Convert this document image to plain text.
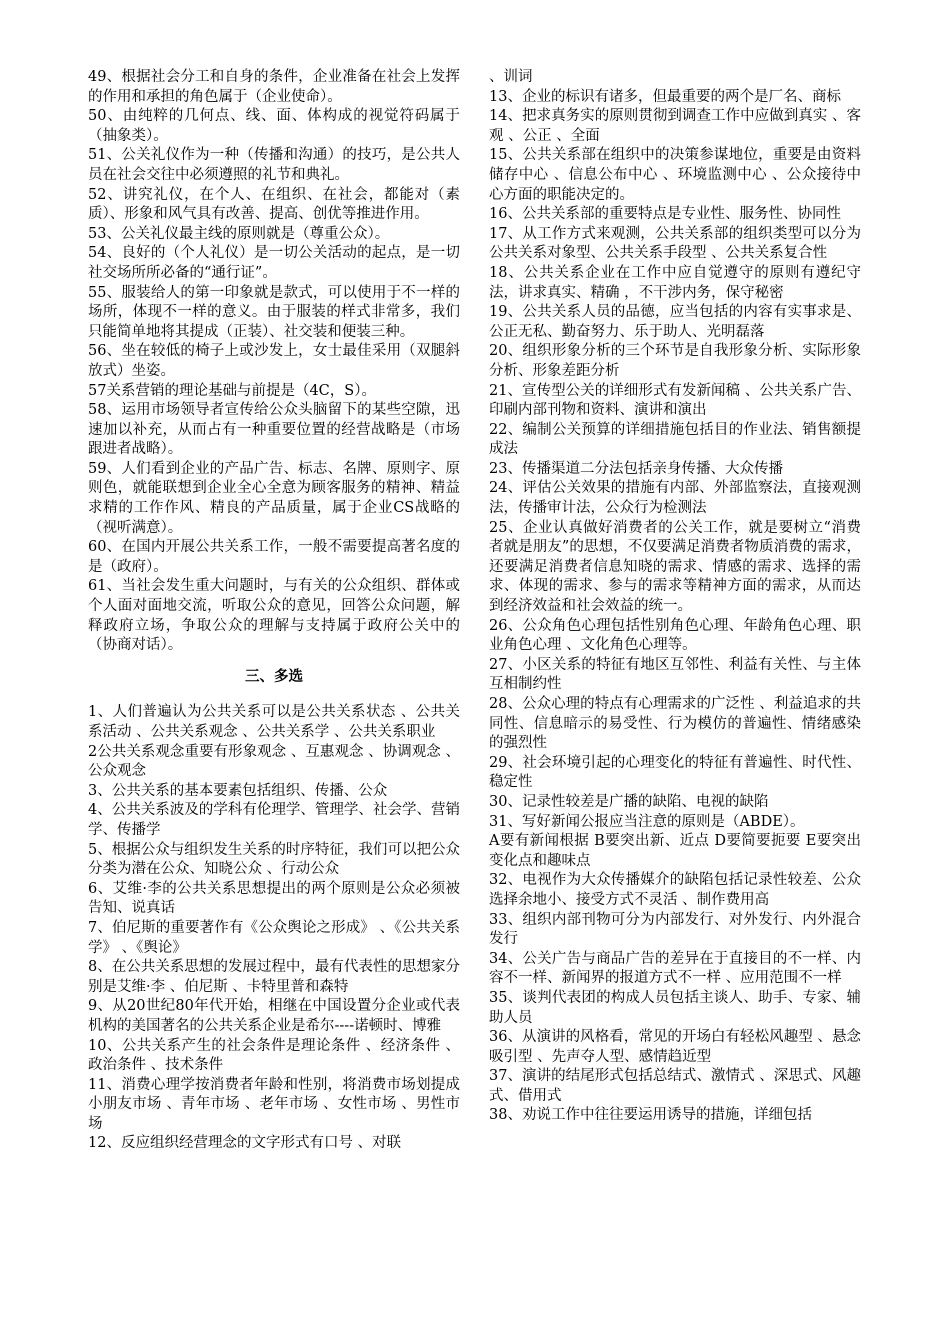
49、根据社会分工和自身的条件，企业准备在社会上发挥的作用和承担的角色属于（企业使命）。

50、由纯粹的几何点、线、面、体构成的视觉符码属于（抽象类）。

51、公关礼仪作为一种（传播和沟通）的技巧，是公共人员在社会交往中必须遵照的礼节和典礼。

52、讲究礼仪，在个人、在组织、在社会，都能对（素质）、形象和风气具有改善、提高、创优等推进作用。

53、公关礼仪最主线的原则就是（尊重公众）。

54、良好的（个人礼仪）是一切公关活动的起点，是一切社交场所所必备的“通行证”。

55、服装给人的第一印象就是款式，可以使用于不一样的场所，体现不一样的意义。由于服装的样式非常多，我们只能简单地将其提成（正装）、社交装和便装三种。

56、坐在较低的椅子上或沙发上，女士最佳采用（双腿斜放式）坐姿。

57关系营销的理论基础与前提是（4C，S）。

58、运用市场领导者宣传给公众头脑留下的某些空隙，迅速加以补充，从而占有一种重要位置的经营战略是（市场跟进者战略）。

59、人们看到企业的产品广告、标志、名牌、原则字、原则色，就能联想到企业全心全意为顾客服务的精神、精益求精的工作作风、精良的产品质量，属于企业CS战略的（视听满意）。

60、在国内开展公共关系工作，一般不需要提高著名度的是（政府）。

61、当社会发生重大问题时，与有关的公众组织、群体或个人面对面地交流，听取公众的意见，回答公众问题，解释政府立场，争取公众的理解与支持属于政府公关中的（协商对话）。

三、多选

1、人们普遍认为公共关系可以是公共关系状态 、公共关系活动 、公共关系观念 、公共关系学 、公共关系职业

2公共关系观念重要有形象观念 、互惠观念 、协调观念 、公众观念

3、公共关系的基本要素包括组织、传播、公众

4、公共关系波及的学科有伦理学、管理学、社会学、营销学、传播学

5、根据公众与组织发生关系的时序特征，我们可以把公众分类为潜在公众、知晓公众 、行动公众

6、艾维·李的公共关系思想提出的两个原则是公众必须被告知、说真话

7、伯尼斯的重要著作有《公众舆论之形成》 、《公共关系学》 、《舆论》

8、在公共关系思想的发展过程中，最有代表性的思想家分别是艾维·李 、伯尼斯 、卡特里普和森特

9、从20世纪80年代开始，相继在中国设置分企业或代表机构的美国著名的公共关系企业是希尔----诺顿时、博雅

10、公共关系产生的社会条件是理论条件 、经济条件 、政治条件 、技术条件

11、消费心理学按消费者年龄和性别，将消费市场划提成小朋友市场 、青年市场 、老年市场 、女性市场 、男性市场

12、反应组织经营理念的文字形式有口号 、对联

、训词

13、企业的标识有诸多，但最重要的两个是厂名、商标

14、把求真务实的原则贯彻到调查工作中应做到真实 、客观 、公正 、全面

15、公共关系部在组织中的决策参谋地位，重要是由资料储存中心 、信息公布中心 、环境监测中心 、公众接待中心方面的职能决定的。

16、公共关系部的重要特点是专业性、服务性、协同性

17、从工作方式来观测，公共关系部的组织类型可以分为公共关系对象型、公共关系手段型 、公共关系复合性

18、公共关系企业在工作中应自觉遵守的原则有遵纪守法，讲求真实、精确 ，不干涉内务，保守秘密

19、公共关系人员的品德，应当包括的内容有实事求是、公正无私、勤奋努力、乐于助人、光明磊落

20、组织形象分析的三个环节是自我形象分析、实际形象分析、形象差距分析

21、宣传型公关的详细形式有发新闻稿 、公共关系广告、印刷内部刊物和资料、演讲和演出

22、编制公关预算的详细措施包括目的作业法、销售额提成法

23、传播渠道二分法包括亲身传播、大众传播

24、评估公关效果的措施有内部、外部监察法，直接观测法，传播审计法，公众行为检测法

25、企业认真做好消费者的公关工作，就是要树立“消费者就是朋友”的思想，不仅要满足消费者物质消费的需求，还要满足消费者信息知晓的需求、情感的需求、选择的需求、体现的需求、参与的需求等精神方面的需求，从而达到经济效益和社会效益的统一。

26、公众角色心理包括性别角色心理、年龄角色心理、职业角色心理 、文化角色心理等。

27、小区关系的特征有地区互邻性、利益有关性、与主体互相制约性

28、公众心理的特点有心理需求的广泛性 、利益追求的共同性、信息暗示的易受性、行为模仿的普遍性、情绪感染的强烈性

29、社会环境引起的心理变化的特征有普遍性、时代性、稳定性

30、记录性较差是广播的缺陷、电视的缺陷

31、写好新闻公报应当注意的原则是（ABDE）。

A要有新闻根据 B要突出新、近点 D要简要扼要 E要突出变化点和趣味点

32、电视作为大众传播媒介的缺陷包括记录性较差、公众选择余地小、接受方式不灵活 、制作费用高

33、组织内部刊物可分为内部发行、对外发行、内外混合发行

34、公关广告与商品广告的差异在于直接目的不一样、内容不一样、新闻界的报道方式不一样 、应用范围不一样

35、谈判代表团的构成人员包括主谈人、助手、专家、辅助人员

36、从演讲的风格看，常见的开场白有轻松风趣型 、悬念吸引型 、先声夺人型、感情趋近型

37、演讲的结尾形式包括总结式、激情式 、深思式、风趣式、借用式

38、劝说工作中往往要运用诱导的措施，详细包括
